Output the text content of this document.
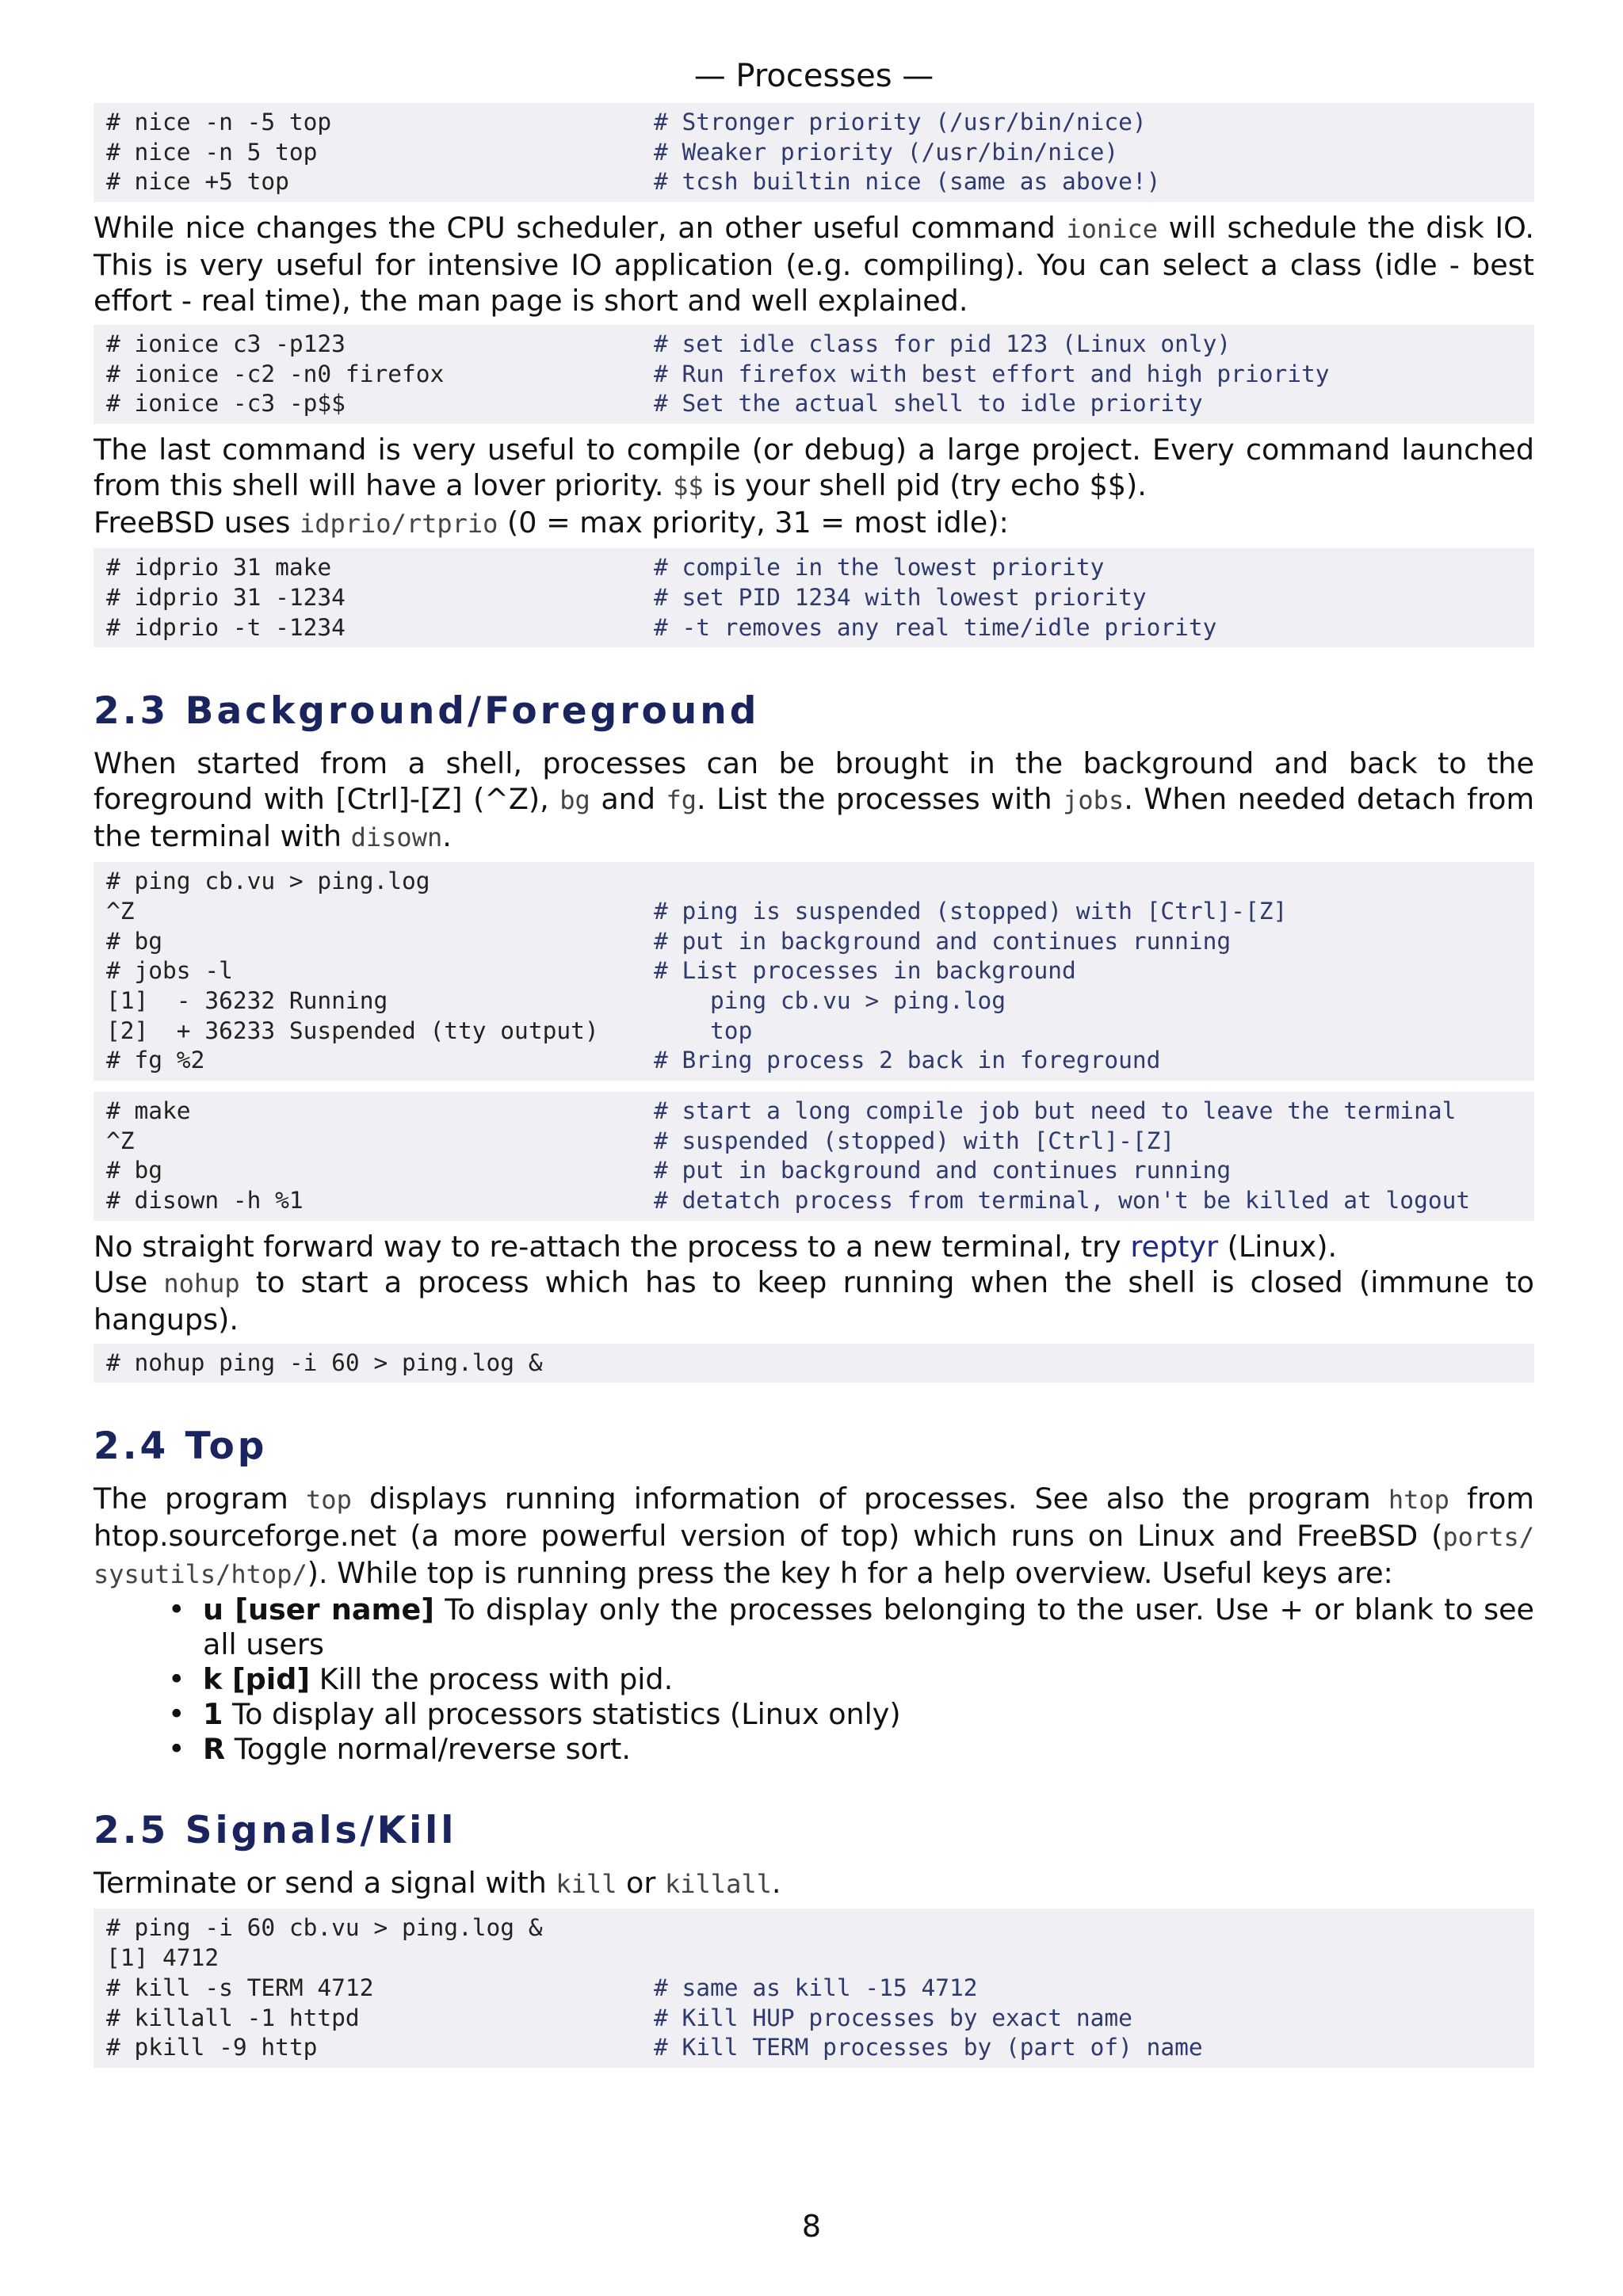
— Processes —
# nice -n -5 top	# Stronger priority (/usr/bin/nice)
# nice -n 5 top	# Weaker priority (/usr/bin/nice)
# nice +5 top	# tcsh builtin nice (same as above!)

While nice changes the CPU scheduler, an other useful command ionice will schedule the disk IO. This is very useful for intensive IO application (e.g. compiling). You can select a class (idle - best effort - real time), the man page is short and well explained.

# ionice c3 -p123	# set idle class for pid 123 (Linux only)
# ionice -c2 -n0 firefox	# Run firefox with best effort and high priority
# ionice -c3 -p$$	# Set the actual shell to idle priority

The last command is very useful to compile (or debug) a large project. Every command launched from this shell will have a lover priority. $$ is your shell pid (try echo $$).

FreeBSD uses idprio/rtprio (0 = max priority, 31 = most idle):

# idprio 31 make	# compile in the lowest priority
# idprio 31 -1234	# set PID 1234 with lowest priority
# idprio -t -1234	# -t removes any real time/idle priority
2.3 Background/Foreground

When started from a shell, processes can be brought in the background and back to the foreground with [Ctrl]-[Z] (^Z), bg and fg. List the processes with jobs. When needed detach from the terminal with disown.

# ping cb.vu > ping.log
^Z	# ping is suspended (stopped) with [Ctrl]-[Z]
# bg	# put in background and continues running
# jobs -l	# List processes in background
[1]  - 36232 Running	ping cb.vu > ping.log
[2]  + 36233 Suspended (tty output)	top
# fg %2	# Bring process 2 back in foreground
# make	# start a long compile job but need to leave the terminal
^Z	# suspended (stopped) with [Ctrl]-[Z]
# bg	# put in background and continues running
# disown -h %1	# detatch process from terminal, won't be killed at logout

No straight forward way to re-attach the process to a new terminal, try reptyr (Linux).

Use nohup to start a process which has to keep running when the shell is closed (immune to hangups).

# nohup ping -i 60 > ping.log &
2.4 Top

The program top displays running information of processes. See also the program htop from htop.sourceforge.net (a more powerful version of top) which runs on Linux and FreeBSD (ports/ sysutils/htop/). While top is running press the key h for a help overview. Useful keys are:

• u [user name] To display only the processes belonging to the user. Use + or blank to see all users
• k [pid] Kill the process with pid.
• 1 To display all processors statistics (Linux only)
• R Toggle normal/reverse sort.
2.5 Signals/Kill

Terminate or send a signal with kill or killall.

# ping -i 60 cb.vu > ping.log &
[1] 4712
# kill -s TERM 4712	# same as kill -15 4712
# killall -1 httpd	# Kill HUP processes by exact name
# pkill -9 http	# Kill TERM processes by (part of) name
8
